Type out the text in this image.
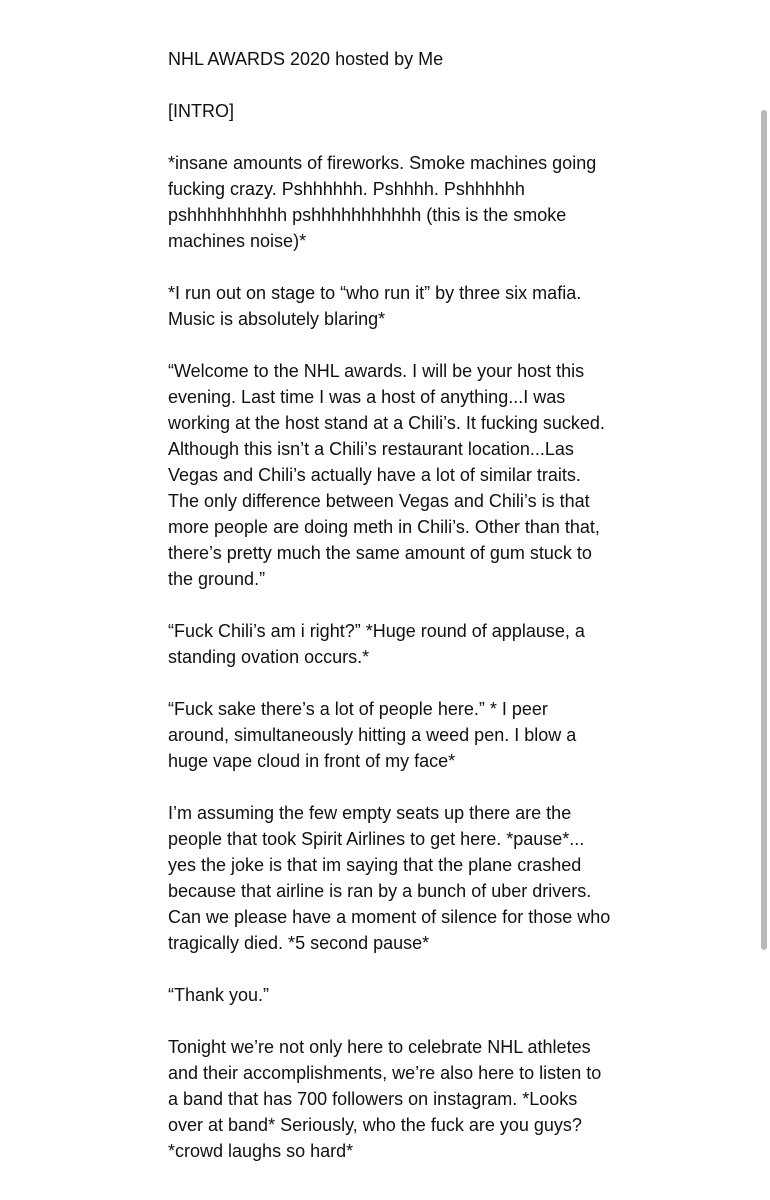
NHL AWARDS 2020 hosted by Me

[INTRO]

*insane amounts of fireworks. Smoke machines going fucking crazy. Pshhhhhh. Pshhhh. Pshhhhhh pshhhhhhhhhh pshhhhhhhhhhh (this is the smoke machines noise)*

*I run out on stage to “who run it” by three six mafia. Music is absolutely blaring*

“Welcome to the NHL awards. I will be your host this evening. Last time I was a host of anything...I was working at the host stand at a Chili’s. It fucking sucked. Although this isn’t a Chili’s restaurant location...Las Vegas and Chili’s actually have a lot of similar traits. The only difference between Vegas and Chili’s is that more people are doing meth in Chili’s. Other than that, there’s pretty much the same amount of gum stuck to the ground.”

“Fuck Chili’s am i right?” *Huge round of applause, a standing ovation occurs.*

“Fuck sake there’s a lot of people here.” * I peer around, simultaneously hitting a weed pen. I blow a huge vape cloud in front of my face*

I’m assuming the few empty seats up there are the people that took Spirit Airlines to get here. *pause*... yes the joke is that im saying that the plane crashed because that airline is ran by a bunch of uber drivers. Can we please have a moment of silence for those who tragically died. *5 second pause*

“Thank you.”

Tonight we’re not only here to celebrate NHL athletes and their accomplishments, we’re also here to listen to a band that has 700 followers on instagram. *Looks over at band* Seriously, who the fuck are you guys? *crowd laughs so hard*
